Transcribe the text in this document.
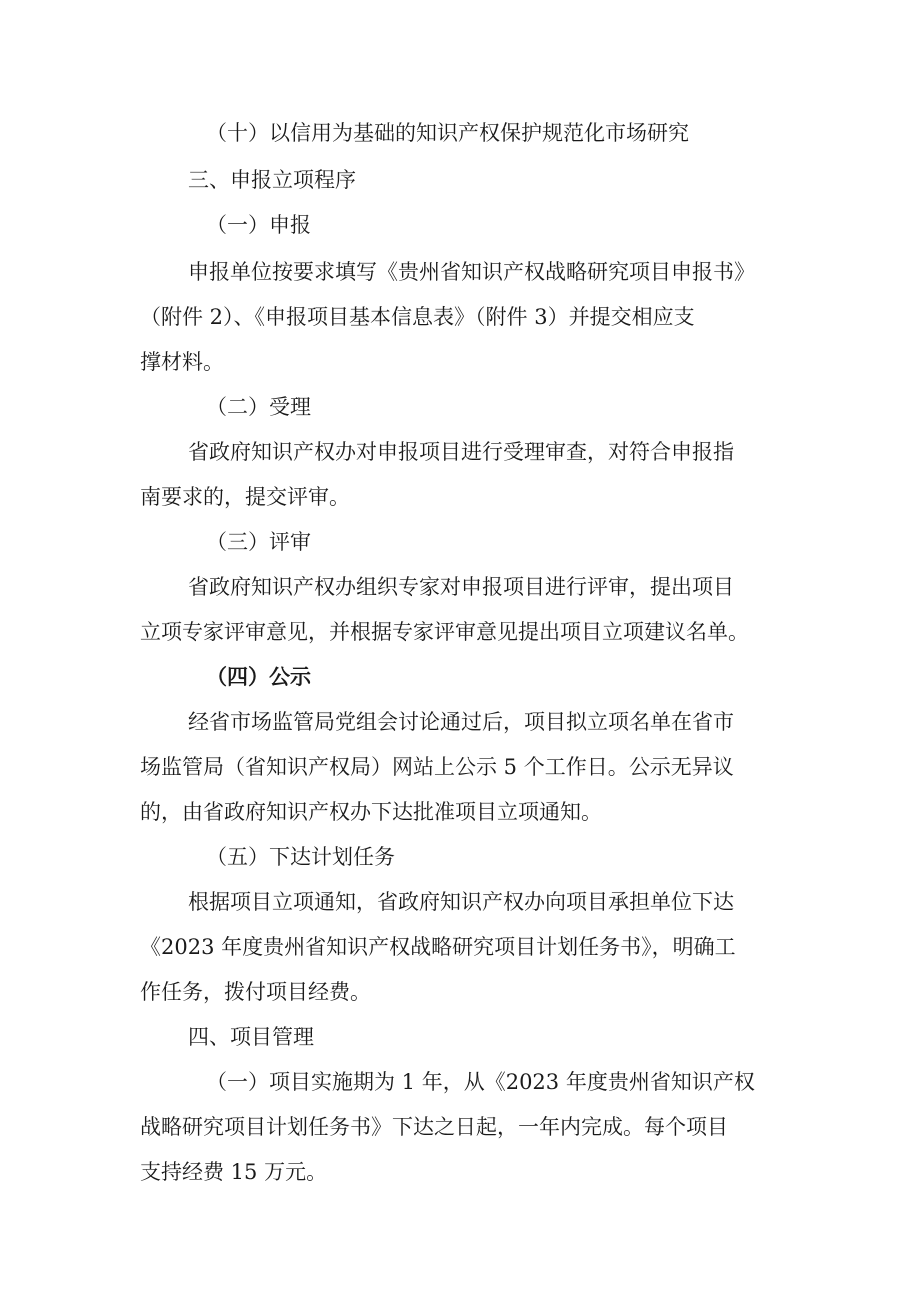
（十）以信用为基础的知识产权保护规范化市场研究
三、申报立项程序
（一）申报
申报单位按要求填写《贵州省知识产权战略研究项目申报书》
（附件 2）、《申报项目基本信息表》（附件 3）并提交相应支
撑材料。
（二）受理
省政府知识产权办对申报项目进行受理审查，对符合申报指
南要求的，提交评审。
（三）评审
省政府知识产权办组织专家对申报项目进行评审，提出项目
立项专家评审意见，并根据专家评审意见提出项目立项建议名单。
（四）公示
经省市场监管局党组会讨论通过后，项目拟立项名单在省市
场监管局（省知识产权局）网站上公示 5 个工作日。公示无异议
的，由省政府知识产权办下达批准项目立项通知。
（五）下达计划任务
根据项目立项通知，省政府知识产权办向项目承担单位下达
《2023 年度贵州省知识产权战略研究项目计划任务书》，明确工
作任务，拨付项目经费。
四、项目管理
（一）项目实施期为 1 年，从《2023 年度贵州省知识产权
战略研究项目计划任务书》下达之日起，一年内完成。每个项目
支持经费 15 万元。
